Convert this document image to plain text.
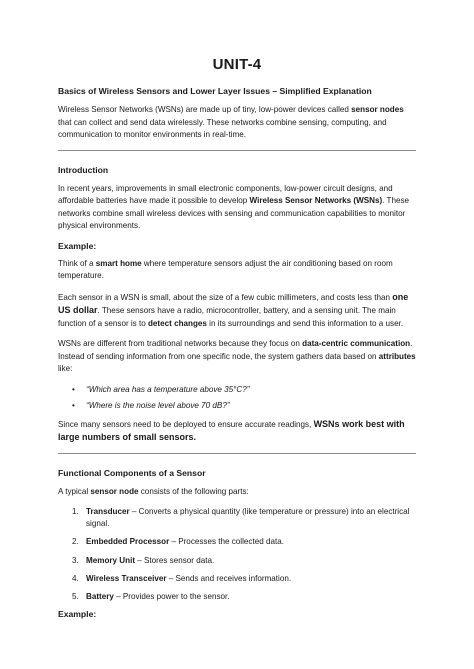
UNIT-4
Basics of Wireless Sensors and Lower Layer Issues – Simplified Explanation

Wireless Sensor Networks (WSNs) are made up of tiny, low-power devices called sensor nodes that can collect and send data wirelessly. These networks combine sensing, computing, and communication to monitor environments in real-time.

Introduction

In recent years, improvements in small electronic components, low-power circuit designs, and affordable batteries have made it possible to develop Wireless Sensor Networks (WSNs). These networks combine small wireless devices with sensing and communication capabilities to monitor physical environments.

Example:

Think of a smart home where temperature sensors adjust the air conditioning based on room temperature.

Each sensor in a WSN is small, about the size of a few cubic millimeters, and costs less than one US dollar. These sensors have a radio, microcontroller, battery, and a sensing unit. The main function of a sensor is to detect changes in its surroundings and send this information to a user.

WSNs are different from traditional networks because they focus on data-centric communication. Instead of sending information from one specific node, the system gathers data based on attributes like:

• “Which area has a temperature above 35°C?”
• “Where is the noise level above 70 dB?”

Since many sensors need to be deployed to ensure accurate readings, WSNs work best with large numbers of small sensors.

Functional Components of a Sensor

A typical sensor node consists of the following parts:

1. Transducer – Converts a physical quantity (like temperature or pressure) into an electrical signal.
2. Embedded Processor – Processes the collected data.
3. Memory Unit – Stores sensor data.
4. Wireless Transceiver – Sends and receives information.
5. Battery – Provides power to the sensor.
Example:
